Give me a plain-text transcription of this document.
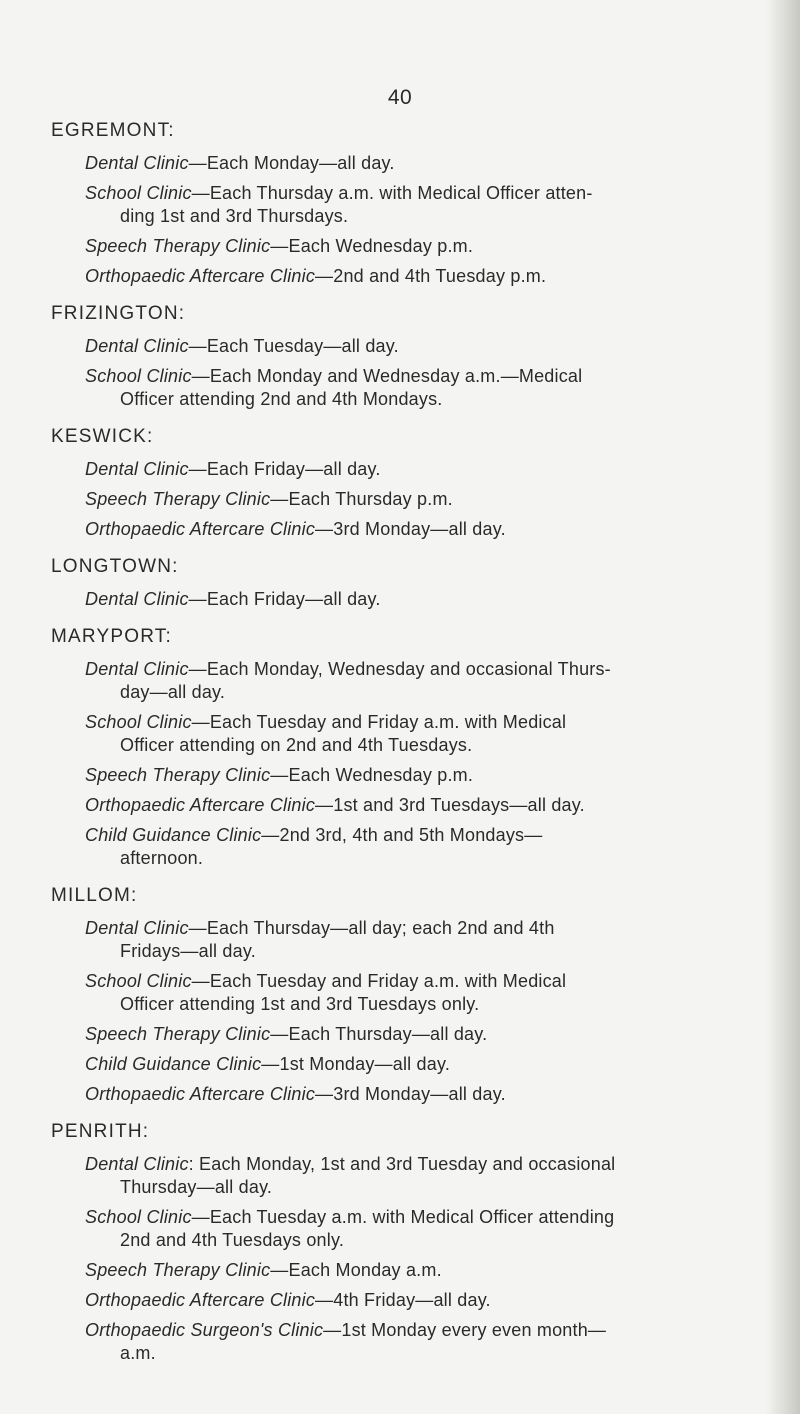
40
EGREMONT:
Dental Clinic—Each Monday—all day.
School Clinic—Each Thursday a.m. with Medical Officer atten-
ding 1st and 3rd Thursdays.
Speech Therapy Clinic—Each Wednesday p.m.
Orthopaedic Aftercare Clinic—2nd and 4th Tuesday p.m.
FRIZINGTON:
Dental Clinic—Each Tuesday—all day.
School Clinic—Each Monday and Wednesday a.m.—Medical
Officer attending 2nd and 4th Mondays.
KESWICK:
Dental Clinic—Each Friday—all day.
Speech Therapy Clinic—Each Thursday p.m.
Orthopaedic Aftercare Clinic—3rd Monday—all day.
LONGTOWN:
Dental Clinic—Each Friday—all day.
MARYPORT:
Dental Clinic—Each Monday, Wednesday and occasional Thurs-
day—all day.
School Clinic—Each Tuesday and Friday a.m. with Medical
Officer attending on 2nd and 4th Tuesdays.
Speech Therapy Clinic—Each Wednesday p.m.
Orthopaedic Aftercare Clinic—1st and 3rd Tuesdays—all day.
Child Guidance Clinic—2nd 3rd, 4th and 5th Mondays—
afternoon.
MILLOM:
Dental Clinic—Each Thursday—all day; each 2nd and 4th
Fridays—all day.
School Clinic—Each Tuesday and Friday a.m. with Medical
Officer attending 1st and 3rd Tuesdays only.
Speech Therapy Clinic—Each Thursday—all day.
Child Guidance Clinic—1st Monday—all day.
Orthopaedic Aftercare Clinic—3rd Monday—all day.
PENRITH:
Dental Clinic: Each Monday, 1st and 3rd Tuesday and occasional
Thursday—all day.
School Clinic—Each Tuesday a.m. with Medical Officer attending
2nd and 4th Tuesdays only.
Speech Therapy Clinic—Each Monday a.m.
Orthopaedic Aftercare Clinic—4th Friday—all day.
Orthopaedic Surgeon's Clinic—1st Monday every even month—
a.m.
